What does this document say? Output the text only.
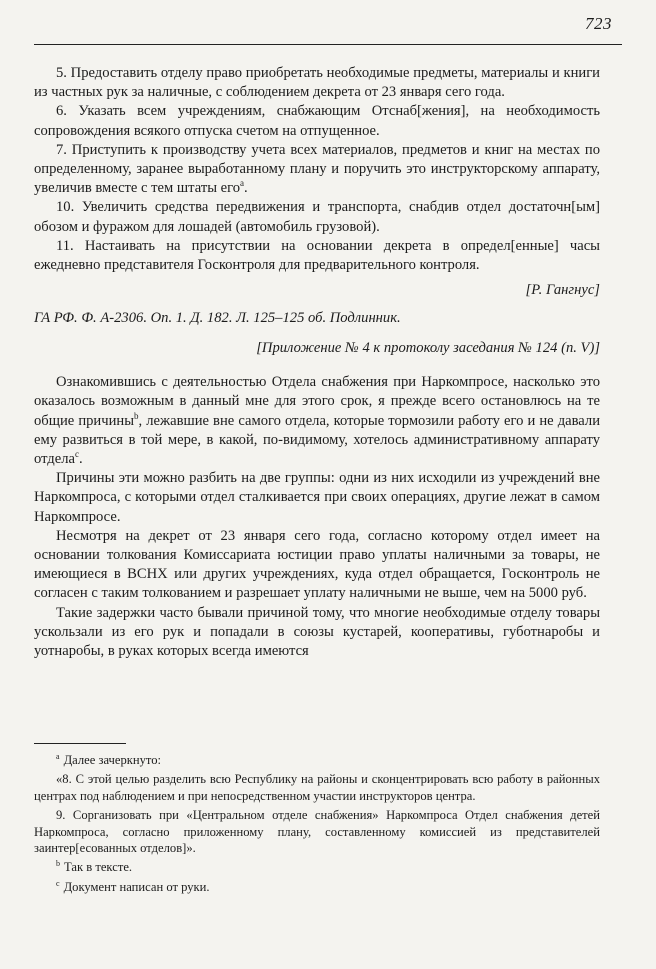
723

5. Предоставить отделу право приобретать необходимые предметы, материалы и книги из частных рук за наличные, с соблюдением декрета от 23 января сего года.

6. Указать всем учреждениям, снабжающим Отснаб[жения], на необходимость сопровождения всякого отпуска счетом на отпущенное.

7. Приступить к производству учета всех материалов, предметов и книг на местах по определенному, заранее выработанному плану и поручить это инструкторскому аппарату, увеличив вместе с тем штаты его$^a$.

10. Увеличить средства передвижения и транспорта, снабдив отдел достаточн[ым] обозом и фуражом для лошадей (автомобиль грузовой).

11. Настаивать на присутствии на основании декрета в определ[енные] часы ежедневно представителя Госконтроля для предварительного контроля.

[Р. Гангнус]

ГА РФ. Ф. А-2306. Оп. 1. Д. 182. Л. 125–125 об. Подлинник.

[Приложение № 4 к протоколу заседания № 124 (п. V)]

Ознакомившись с деятельностью Отдела снабжения при Наркомпросе, насколько это оказалось возможным в данный мне для этого срок, я прежде всего остановлюсь на те общие причины$^b$, лежавшие вне самого отдела, которые тормозили работу его и не давали ему развиться в той мере, в какой, по-видимому, хотелось административному аппарату отдела$^c$.

Причины эти можно разбить на две группы: одни из них исходили из учреждений вне Наркомпроса, с которыми отдел сталкивается при своих операциях, другие лежат в самом Наркомпросе.

Несмотря на декрет от 23 января сего года, согласно которому отдел имеет на основании толкования Комиссариата юстиции право уплаты наличными за товары, не имеющиеся в ВСНХ или других учреждениях, куда отдел обращается, Госконтроль не согласен с таким толкованием и разрешает уплату наличными не выше, чем на 5000 руб.

Такие задержки часто бывали причиной тому, что многие необходимые отделу товары ускользали из его рук и попадали в союзы кустарей, кооперативы, губотнаробы и уотнаробы, в руках которых всегда имеются

$^a$ Далее зачеркнуто:

«8. С этой целью разделить всю Республику на районы и сконцентрировать всю работу в районных центрах под наблюдением и при непосредственном участии инструкторов центра.

9. Сорганизовать при «Центральном отделе снабжения» Наркомпроса Отдел снабжения детей Наркомпроса, согласно приложенному плану, составленному комиссией из представителей заинтер[есованных отделов]».

$^b$ Так в тексте.

$^c$ Документ написан от руки.
